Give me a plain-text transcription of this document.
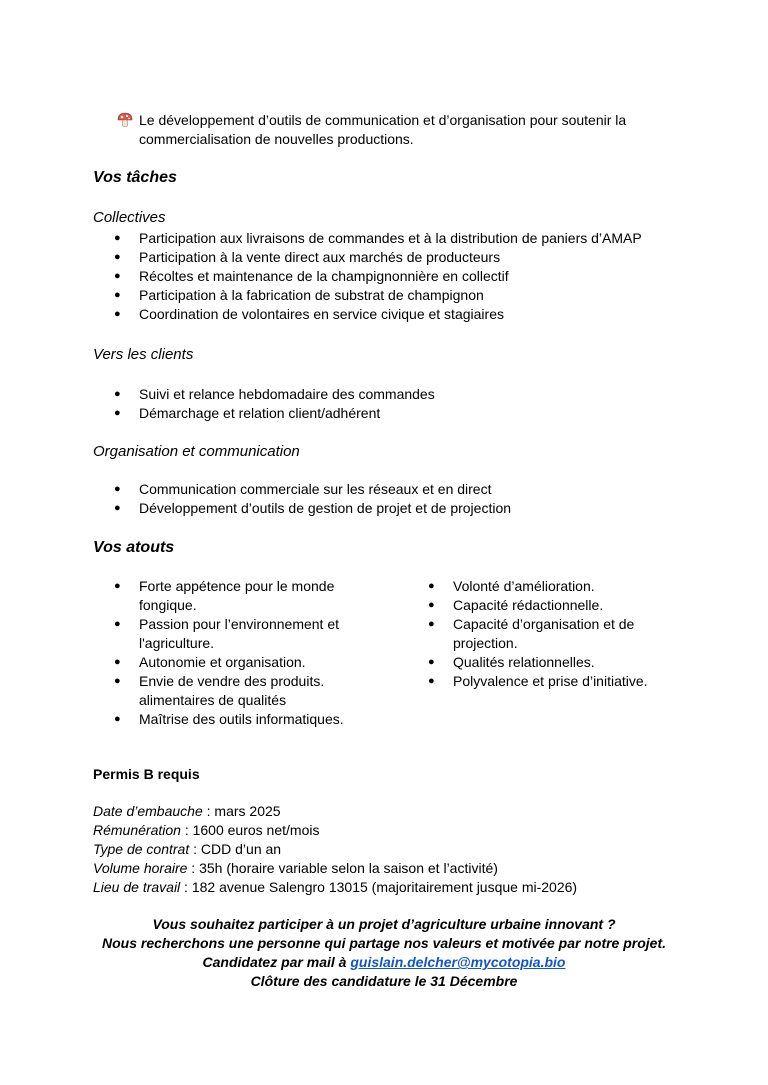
Le développement d’outils de communication et d’organisation pour soutenir la

commercialisation de nouvelles productions.

Vos tâches
Collectives
● Participation aux livraisons de commandes et à la distribution de paniers d’AMAP
● Participation à la vente direct aux marchés de producteurs
● Récoltes et maintenance de la champignonnière en collectif
● Participation à la fabrication de substrat de champignon
● Coordination de volontaires en service civique et stagiaires
Vers les clients
● Suivi et relance hebdomadaire des commandes
● Démarchage et relation client/adhérent
Organisation et communication
● Communication commerciale sur les réseaux et en direct
● Développement d’outils de gestion de projet et de projection
Vos atouts
● Forte appétence pour le monde
fongique.
● Passion pour l’environnement et
l'agriculture.
● Autonomie et organisation.
● Envie de vendre des produits.
alimentaires de qualités
● Maîtrise des outils informatiques.
● Volonté d’amélioration.
● Capacité rédactionnelle.
● Capacité d’organisation et de
projection.
● Qualités relationnelles.
● Polyvalence et prise d’initiative.
Permis B requis
Date d’embauche : mars 2025
Rémunération : 1600 euros net/mois
Type de contrat : CDD d’un an
Volume horaire : 35h (horaire variable selon la saison et l’activité)
Lieu de travail : 182 avenue Salengro 13015 (majoritairement jusque mi-2026)
Vous souhaitez participer à un projet d’agriculture urbaine innovant ?
Nous recherchons une personne qui partage nos valeurs et motivée par notre projet.
Candidatez par mail à guislain.delcher@mycotopia.bio
Clôture des candidature le 31 Décembre
